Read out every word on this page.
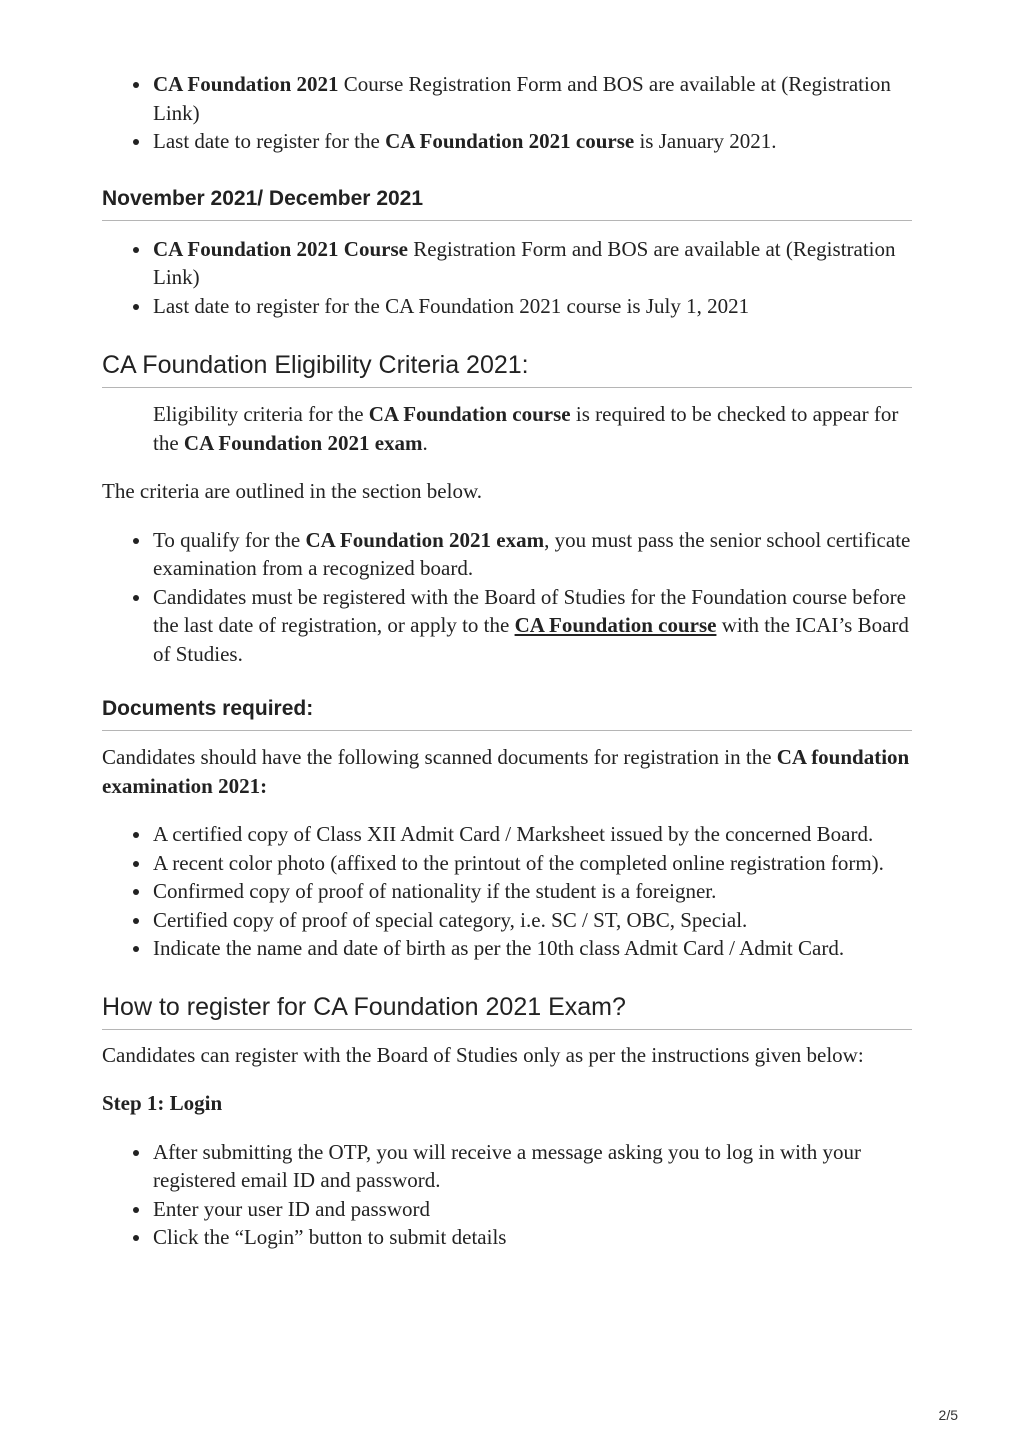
CA Foundation 2021 Course Registration Form and BOS are available at (Registration Link)
Last date to register for the CA Foundation 2021 course is January 2021.
November 2021/ December 2021
CA Foundation 2021 Course Registration Form and BOS are available at (Registration Link)
Last date to register for the CA Foundation 2021 course is July 1, 2021
CA Foundation Eligibility Criteria 2021:

Eligibility criteria for the CA Foundation course is required to be checked to appear for the CA Foundation 2021 exam.

The criteria are outlined in the section below.

To qualify for the CA Foundation 2021 exam, you must pass the senior school certificate examination from a recognized board.
Candidates must be registered with the Board of Studies for the Foundation course before the last date of registration, or apply to the CA Foundation course with the ICAI’s Board of Studies.
Documents required:

Candidates should have the following scanned documents for registration in the CA foundation examination 2021:

A certified copy of Class XII Admit Card / Marksheet issued by the concerned Board.
A recent color photo (affixed to the printout of the completed online registration form).
Confirmed copy of proof of nationality if the student is a foreigner.
Certified copy of proof of special category, i.e. SC / ST, OBC, Special.
Indicate the name and date of birth as per the 10th class Admit Card / Admit Card.
How to register for CA Foundation 2021 Exam?

Candidates can register with the Board of Studies only as per the instructions given below:

Step 1: Login

After submitting the OTP, you will receive a message asking you to log in with your registered email ID and password.
Enter your user ID and password
Click the “Login” button to submit details
2/5
